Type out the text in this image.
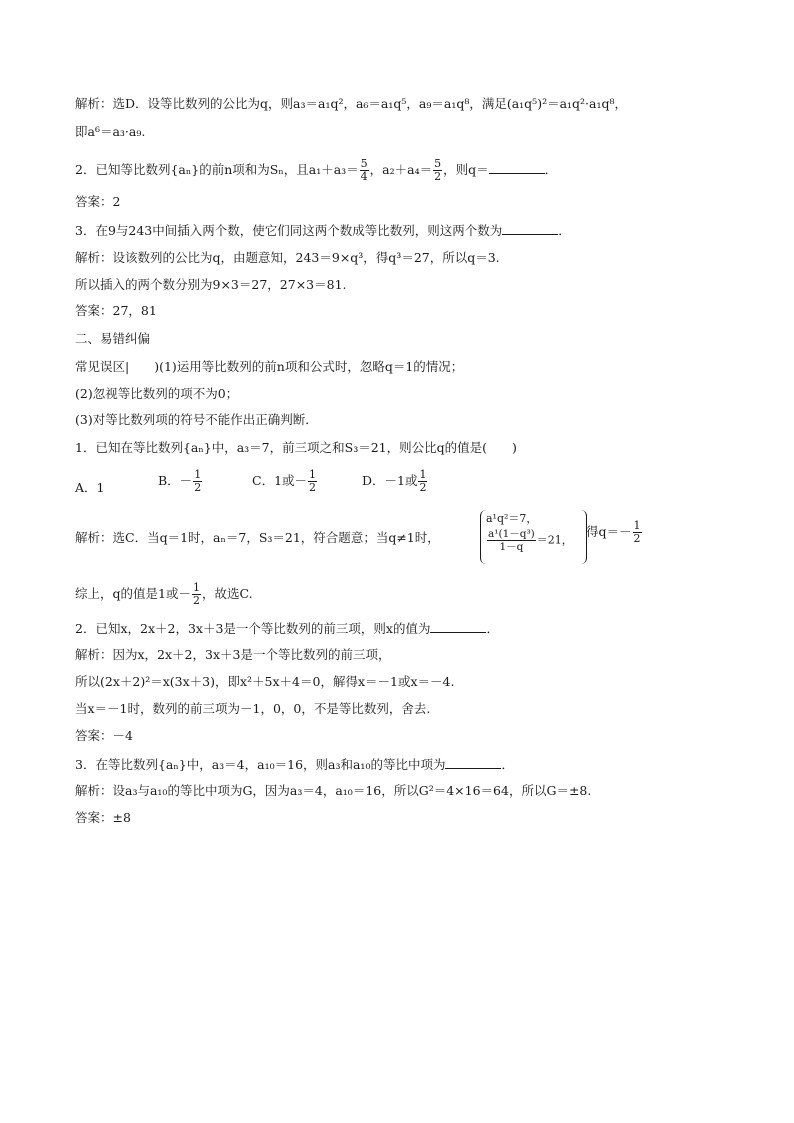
解析：选D．设等比数列的公比为q，则a₃＝a₁q²，a₆＝a₁q⁵，a₉＝a₁q⁸，满足(a₁q⁵)²＝a₁q²·a₁q⁸，
即a⁶＝a₃·a₉.
2．已知等比数列{aₙ}的前n项和为Sₙ，且$a_1+a_3= \frac{5}{4}$ ，$a_2+a_4= \frac{5}{2}$ ，则q＝	．
答案：2
3．在9与243中间插入两个数，使它们同这两个数成等比数列，则这两个数为	．
解析：设该数列的公比为q，由题意知，243＝9×q³，得q³＝27，所以q＝3.
所以插入的两个数分别为9×3＝27，27×3＝81.
答案：27，81
二、易错纠偏
常见误区|　　)(1)运用等比数列的前n项和公式时，忽略q＝1的情况；
(2)忽视等比数列的项不为0；
(3)对等比数列项的符号不能作出正确判断．
1．已知在等比数列{aₙ}中，a₃＝7，前三项之和S₃＝21，则公比q的值是(　　)
A．1	B．－ $\frac{1}{2}$	C．1或－ $\frac{1}{2}$	D．－1或 $\frac{1}{2}$
解析：选C．当q＝1时，aₙ＝7，S₃＝21，符合题意；当q≠1时，
a¹q²＝7，
$\frac{\text{a¹(1－q³)}}{1-q} =21$，
得$q=- \frac{1}{2}$
综上，q的值是1或－ $\frac{1}{2}$ ，故选C.
2．已知x，2x＋2，3x＋3是一个等比数列的前三项，则x的值为	．
解析：因为x，2x＋2，3x＋3是一个等比数列的前三项，
所以(2x＋2)²＝x(3x＋3)，即x²＋5x＋4＝0，解得x＝－1或x＝－4.
当x＝－1时，数列的前三项为－1，0，0，不是等比数列，舍去.
答案：－4
3．在等比数列{aₙ}中，a₃＝4，a₁₀＝16，则a₃和a₁₀的等比中项为	．
解析：设a₃与a₁₀的等比中项为G，因为a₃＝4，a₁₀＝16，所以G²＝4×16＝64，所以G＝±8.
答案：±8
